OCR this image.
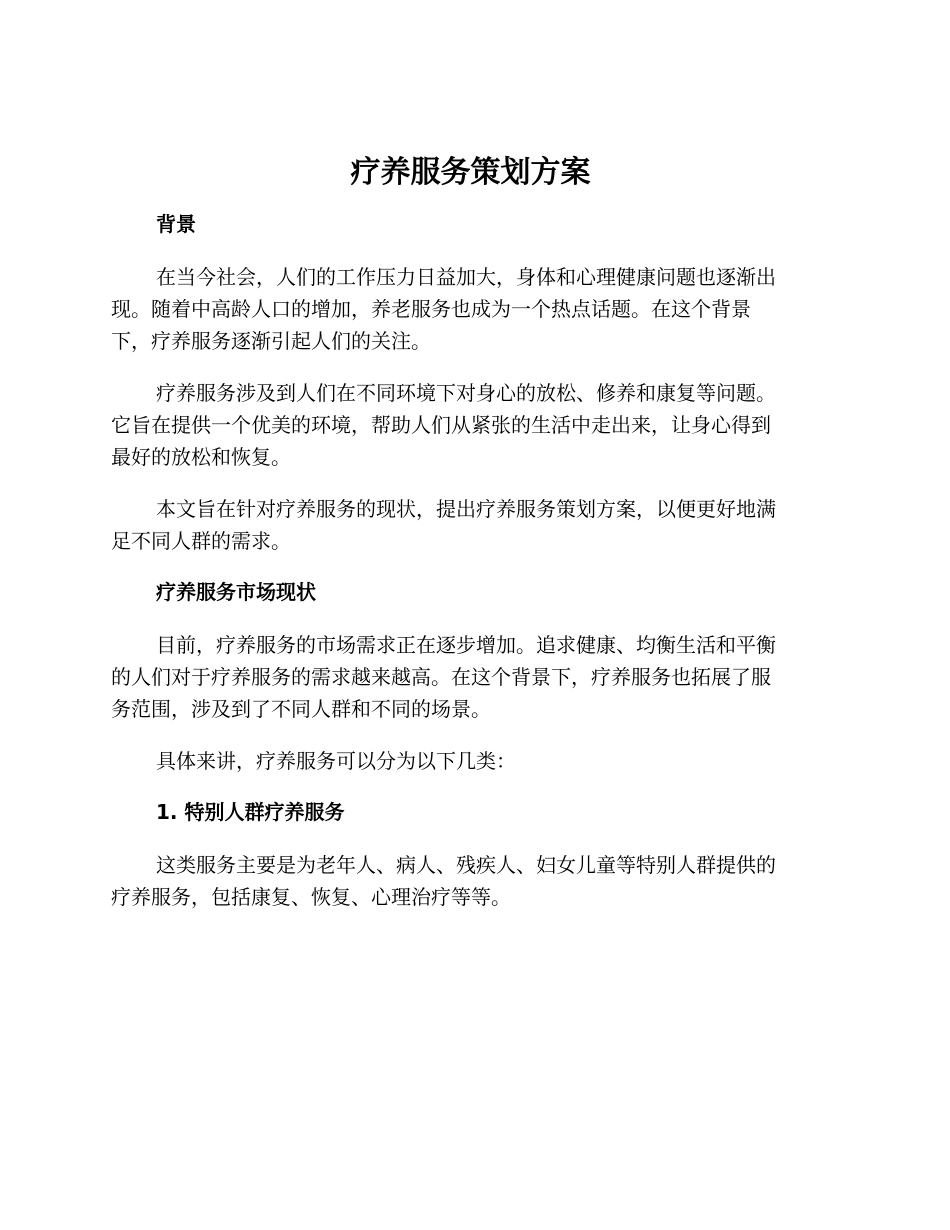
疗养服务策划方案
背景
在当今社会，人们的工作压力日益加大，身体和心理健康问题也逐渐出
现。随着中高龄人口的增加，养老服务也成为一个热点话题。在这个背景
下，疗养服务逐渐引起人们的关注。
疗养服务涉及到人们在不同环境下对身心的放松、修养和康复等问题。
它旨在提供一个优美的环境，帮助人们从紧张的生活中走出来，让身心得到
最好的放松和恢复。
本文旨在针对疗养服务的现状，提出疗养服务策划方案，以便更好地满
足不同人群的需求。
疗养服务市场现状
目前，疗养服务的市场需求正在逐步增加。追求健康、均衡生活和平衡
的人们对于疗养服务的需求越来越高。在这个背景下，疗养服务也拓展了服
务范围，涉及到了不同人群和不同的场景。
具体来讲，疗养服务可以分为以下几类：
1. 特别人群疗养服务
这类服务主要是为老年人、病人、残疾人、妇女儿童等特别人群提供的
疗养服务，包括康复、恢复、心理治疗等等。
